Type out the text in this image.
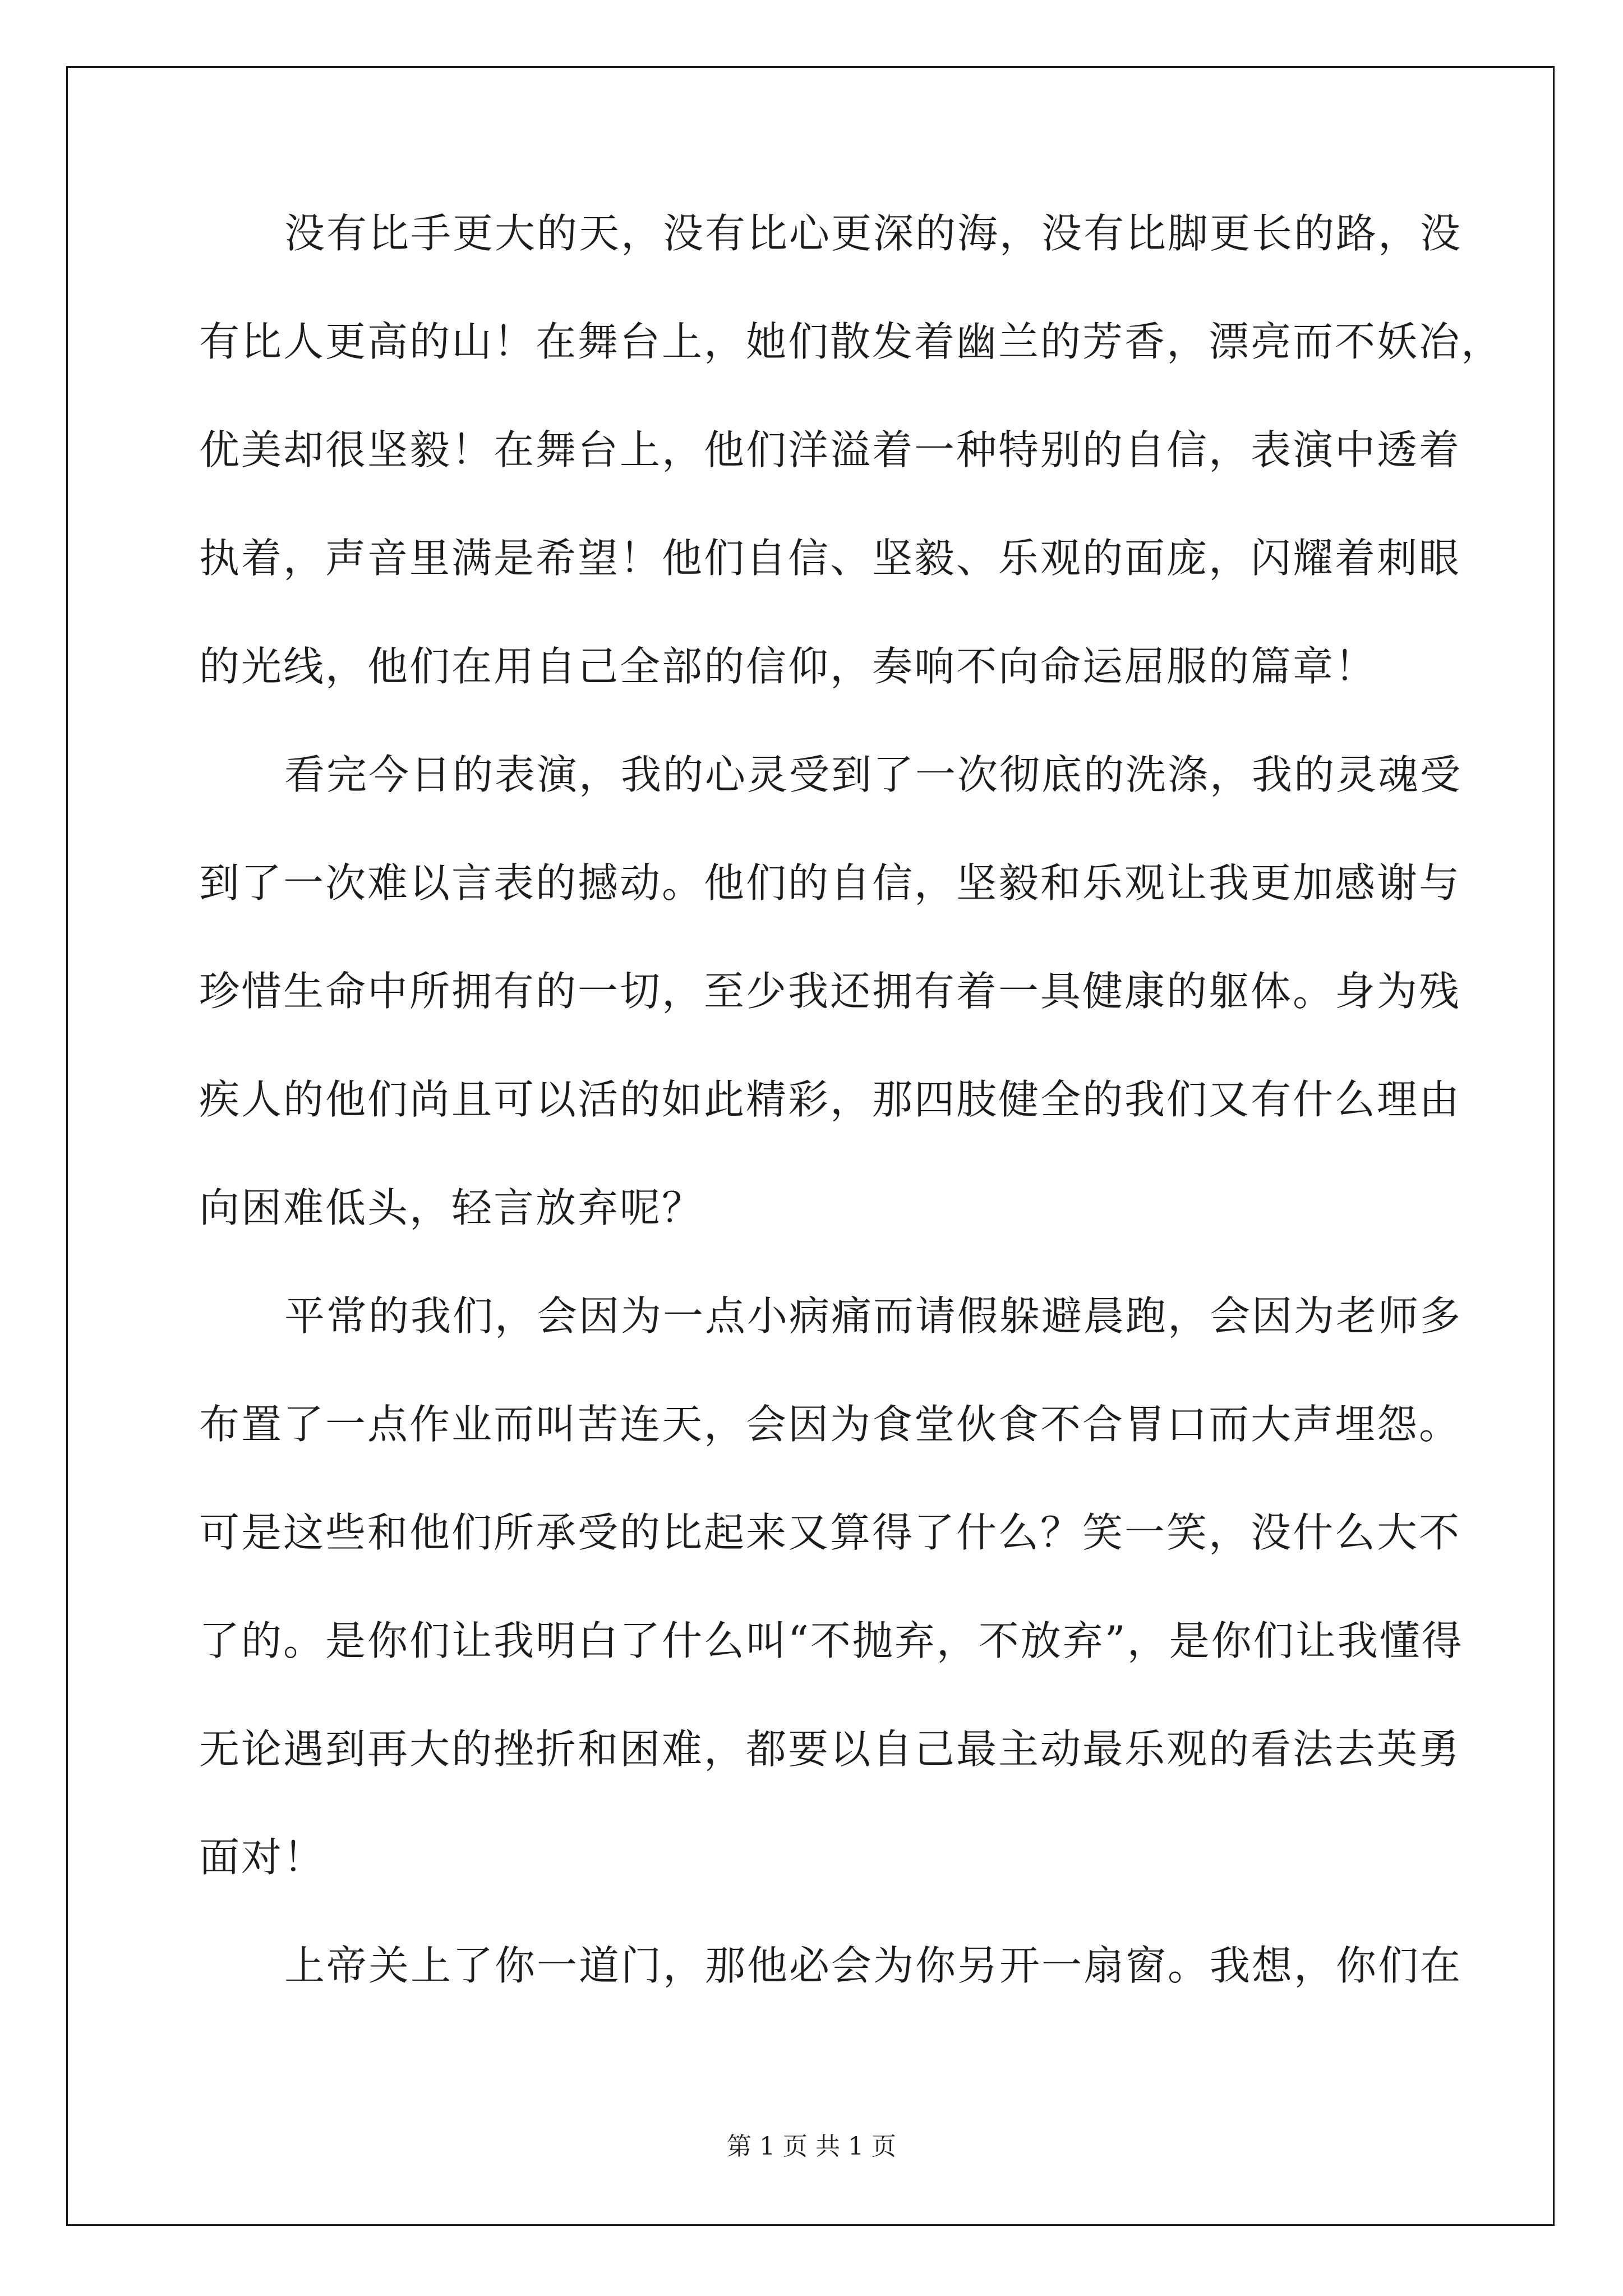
没有比手更大的天，没有比心更深的海，没有比脚更长的路，没
有比人更高的山！在舞台上，她们散发着幽兰的芳香，漂亮而不妖冶，
优美却很坚毅！在舞台上，他们洋溢着一种特别的自信，表演中透着
执着，声音里满是希望！他们自信、坚毅、乐观的面庞，闪耀着刺眼
的光线，他们在用自己全部的信仰，奏响不向命运屈服的篇章！
看完今日的表演，我的心灵受到了一次彻底的洗涤，我的灵魂受
到了一次难以言表的撼动。他们的自信，坚毅和乐观让我更加感谢与
珍惜生命中所拥有的一切，至少我还拥有着一具健康的躯体。身为残
疾人的他们尚且可以活的如此精彩，那四肢健全的我们又有什么理由
向困难低头，轻言放弃呢？
平常的我们，会因为一点小病痛而请假躲避晨跑，会因为老师多
布置了一点作业而叫苦连天，会因为食堂伙食不合胃口而大声埋怨。
可是这些和他们所承受的比起来又算得了什么？笑一笑，没什么大不
了的。是你们让我明白了什么叫“不抛弃，不放弃”，是你们让我懂得
无论遇到再大的挫折和困难，都要以自己最主动最乐观的看法去英勇
面对！
上帝关上了你一道门，那他必会为你另开一扇窗。我想，你们在
第 1 页 共 1 页
